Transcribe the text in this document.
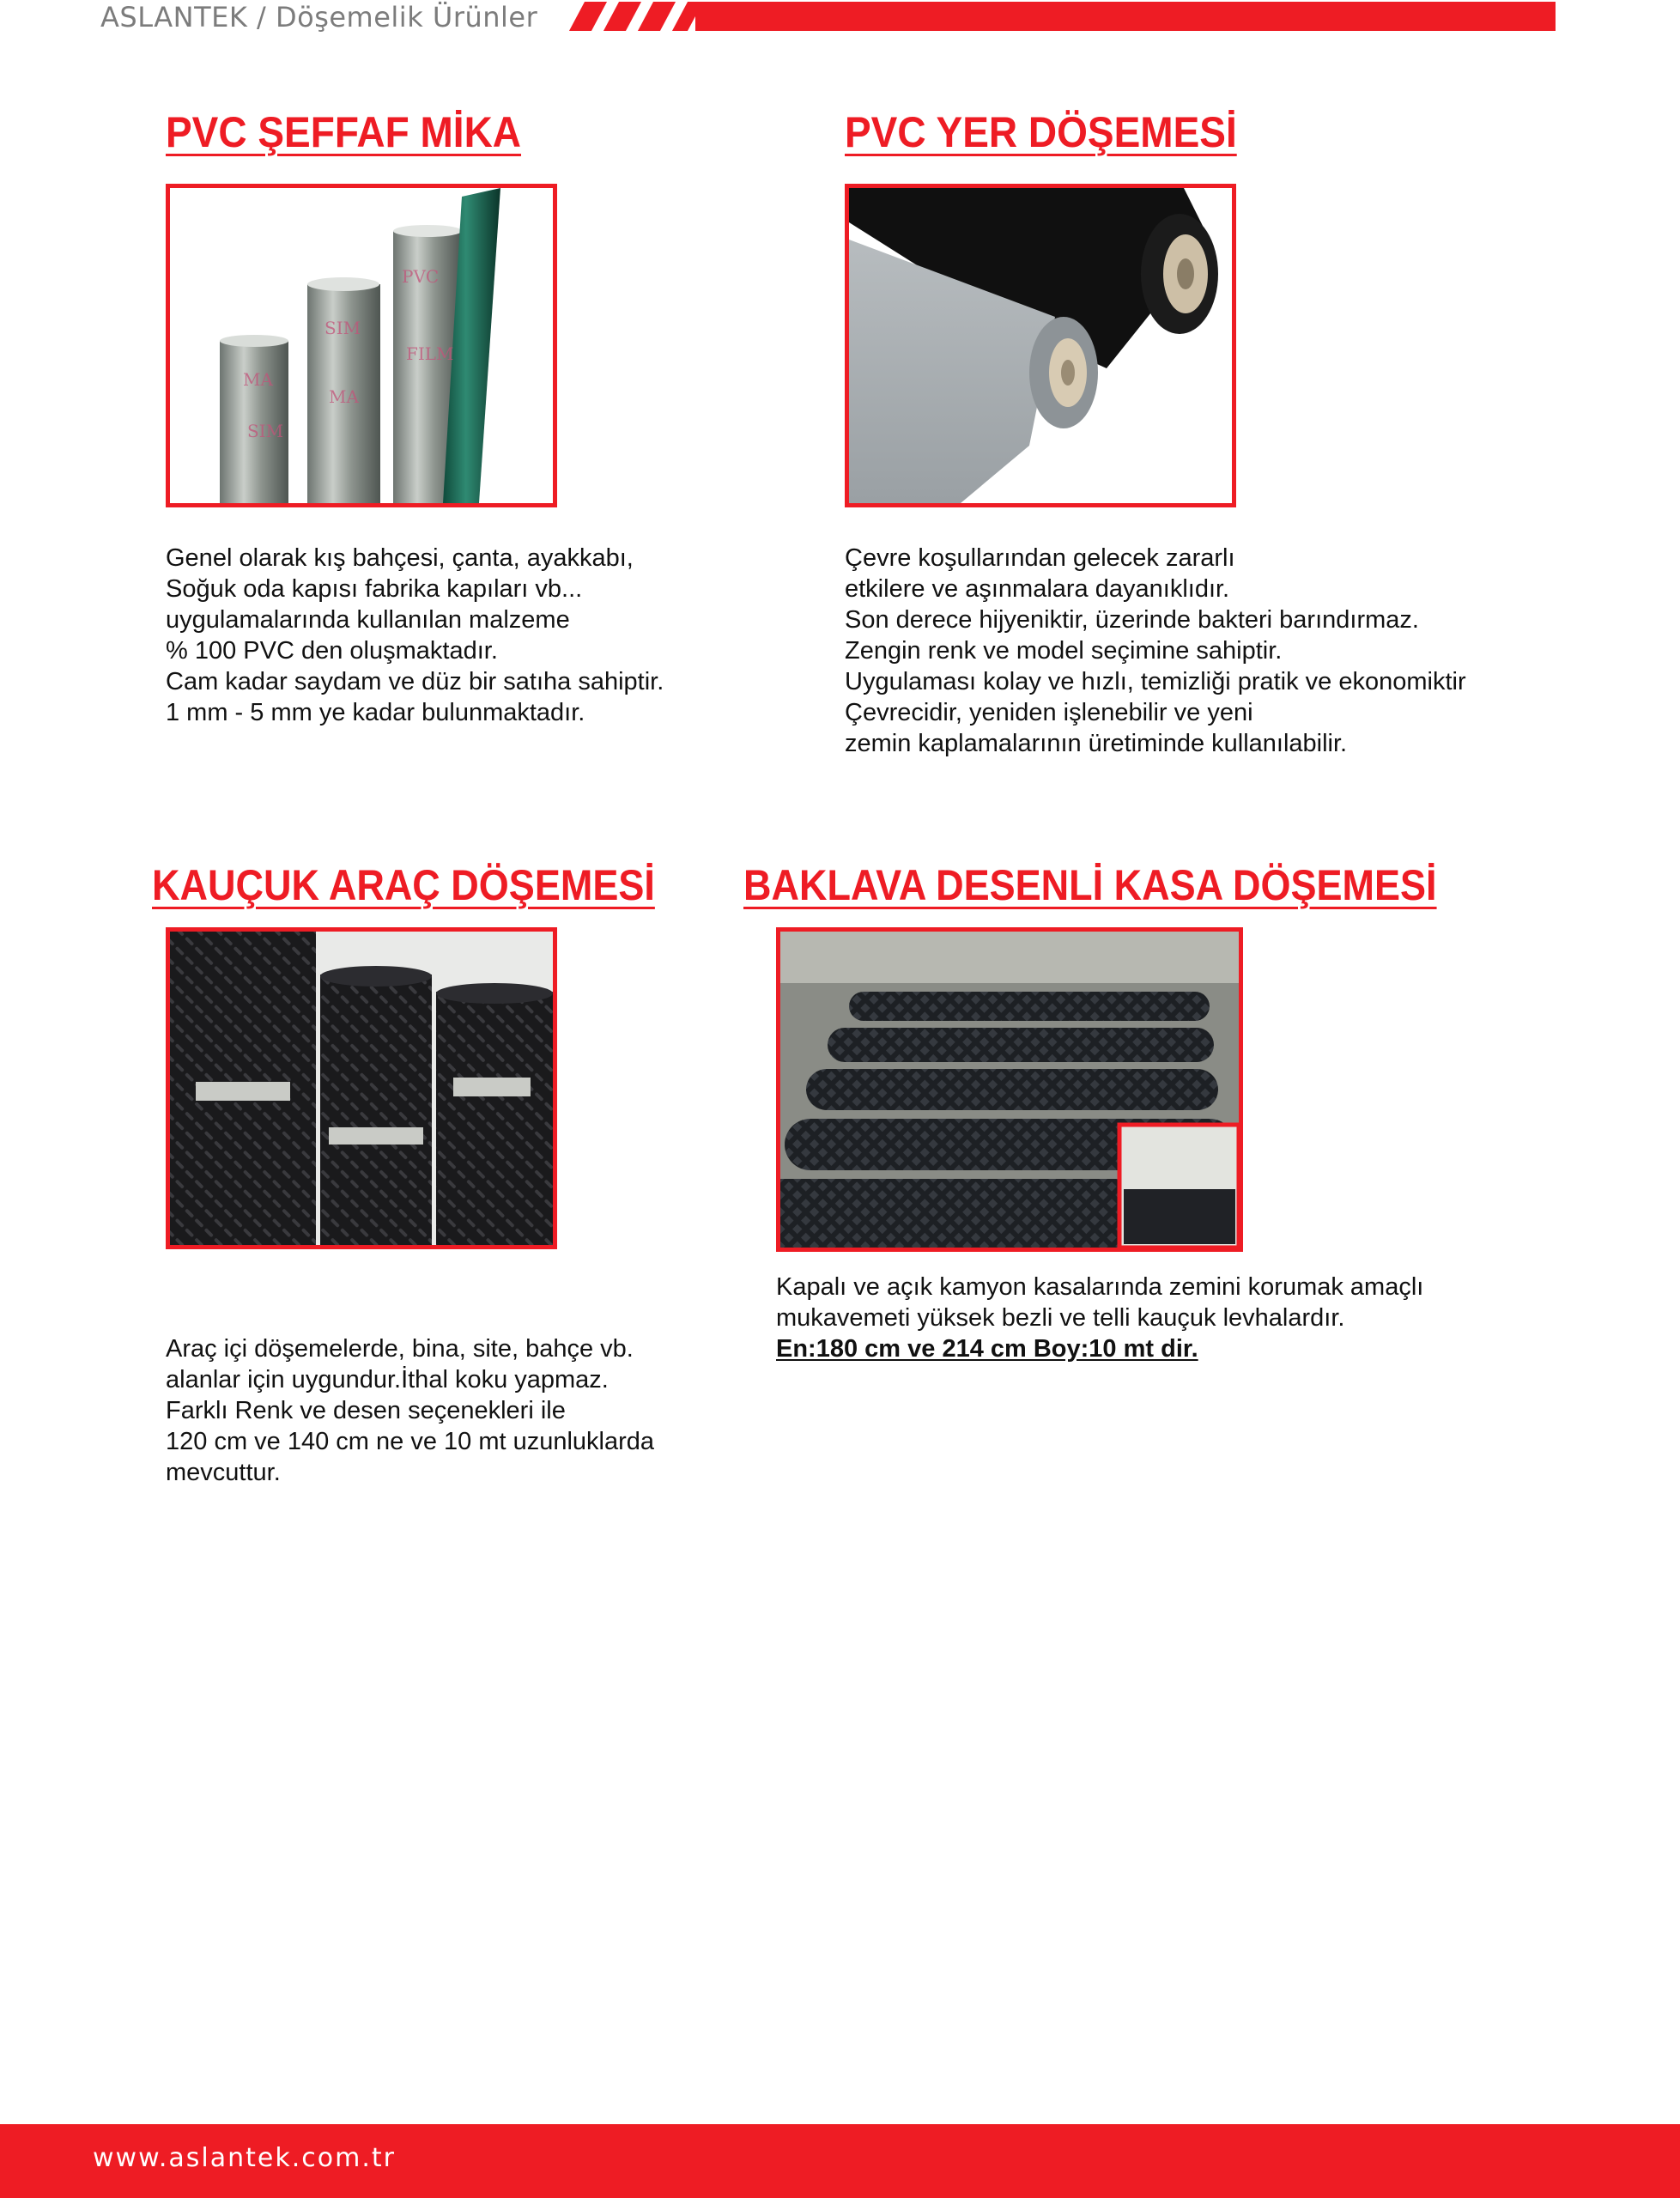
ASLANTEK / Döşemelik Ürünler
PVC ŞEFFAF MİKA
MA
SIM
SIM
MA
PVC
FILM
Genel olarak kış bahçesi, çanta, ayakkabı,
Soğuk oda kapısı fabrika kapıları vb...
uygulamalarında kullanılan malzeme
% 100 PVC den oluşmaktadır.
Cam kadar saydam ve düz bir satıha sahiptir.
1 mm - 5 mm ye kadar bulunmaktadır.
PVC YER DÖŞEMESİ
Çevre koşullarından gelecek zararlı
etkilere ve aşınmalara dayanıklıdır.
Son derece hijyeniktir, üzerinde bakteri barındırmaz.
Zengin renk ve model seçimine sahiptir.
Uygulaması kolay ve hızlı, temizliği pratik ve ekonomiktir
Çevrecidir, yeniden işlenebilir ve yeni
zemin kaplamalarının üretiminde kullanılabilir.
KAUÇUK ARAÇ DÖŞEMESİ
Araç içi döşemelerde, bina, site, bahçe vb.
alanlar için uygundur.İthal koku yapmaz.
Farklı Renk ve desen seçenekleri ile
120 cm ve 140 cm ne ve 10 mt uzunluklarda
mevcuttur.
BAKLAVA DESENLİ KASA DÖŞEMESİ
Kapalı ve açık kamyon kasalarında zemini korumak amaçlı
mukavemeti yüksek bezli ve telli kauçuk levhalardır.
En:180 cm ve 214 cm Boy:10 mt dir.
www.aslantek.com.tr
